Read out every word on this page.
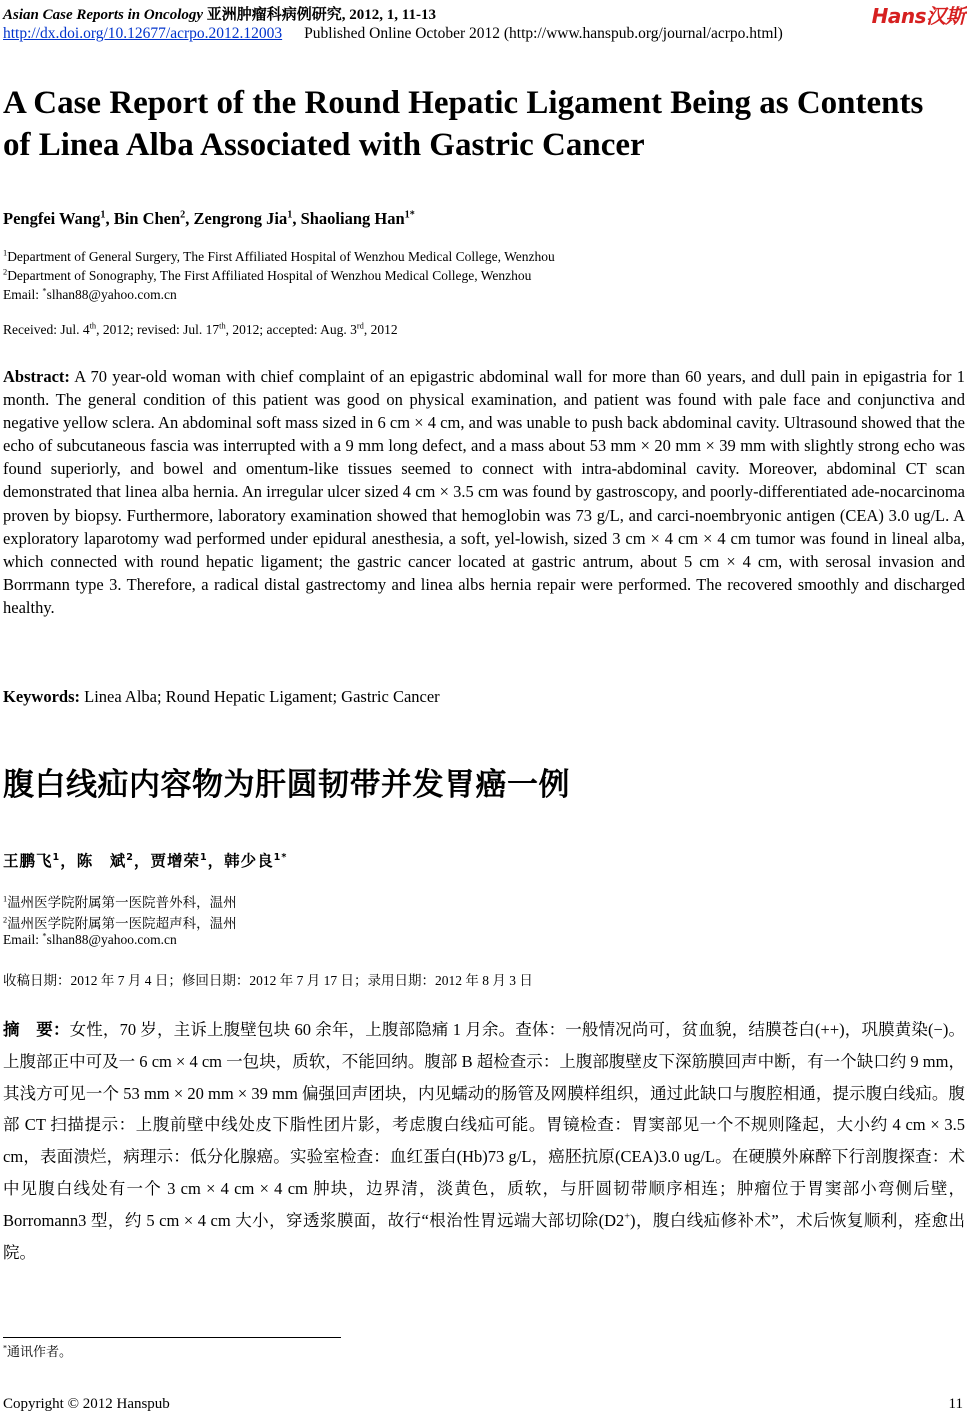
Asian Case Reports in Oncology 亚洲肿瘤科病例研究, 2012, 1, 11-13	Hans汉斯
http://dx.doi.org/10.12677/acrpo.2012.12003 Published Online October 2012 (http://www.hanspub.org/journal/acrpo.html)
A Case Report of the Round Hepatic Ligament Being as Contents of Linea Alba Associated with Gastric Cancer
Pengfei Wang$^1$, Bin Chen$^2$, Zengrong Jia$^1$, Shaoliang Han$^{1*}$
$^1$Department of General Surgery, The First Affiliated Hospital of Wenzhou Medical College, Wenzhou
$^2$Department of Sonography, The First Affiliated Hospital of Wenzhou Medical College, Wenzhou
Email: *slhan88@yahoo.com.cn
Received: Jul. 4th, 2012; revised: Jul. 17th, 2012; accepted: Aug. 3rd, 2012
Abstract: A 70 year-old woman with chief complaint of an epigastric abdominal wall for more than 60 years, and dull pain in epigastria for 1 month. The general condition of this patient was good on physical examination, and patient was found with pale face and conjunctiva and negative yellow sclera. An abdominal soft mass sized in 6 cm × 4 cm, and was unable to push back abdominal cavity. Ultrasound showed that the echo of subcutaneous fascia was interrupted with a 9 mm long defect, and a mass about 53 mm × 20 mm × 39 mm with slightly strong echo was found superiorly, and bowel and omentum-like tissues seemed to connect with intra-abdominal cavity. Moreover, abdominal CT scan demonstrated that linea alba hernia. An irregular ulcer sized 4 cm × 3.5 cm was found by gastroscopy, and poorly-differentiated ade-nocarcinoma proven by biopsy. Furthermore, laboratory examination showed that hemoglobin was 73 g/L, and carci-noembryonic antigen (CEA) 3.0 ug/L. A exploratory laparotomy wad performed under epidural anesthesia, a soft, yel-lowish, sized 3 cm × 4 cm × 4 cm tumor was found in lineal alba, which connected with round hepatic ligament; the gastric cancer located at gastric antrum, about 5 cm × 4 cm, with serosal invasion and Borrmann type 3. Therefore, a radical distal gastrectomy and linea albs hernia repair were performed. The recovered smoothly and discharged healthy.
Keywords: Linea Alba; Round Hepatic Ligament; Gastric Cancer
腹白线疝内容物为肝圆韧带并发胃癌一例
王鹏飞$^1$，陈　斌$^2$，贾增荣$^1$，韩少良$^{1*}$
$^1$温州医学院附属第一医院普外科，温州
$^2$温州医学院附属第一医院超声科，温州
Email: *slhan88@yahoo.com.cn
收稿日期：2012 年 7 月 4 日；修回日期：2012 年 7 月 17 日；录用日期：2012 年 8 月 3 日
摘　要：女性，70 岁，主诉上腹壁包块 60 余年，上腹部隐痛 1 月余。查体：一般情况尚可，贫血貌，结膜苍白(++)，巩膜黄染(−)。上腹部正中可及一 6 cm × 4 cm 一包块，质软，不能回纳。腹部 B 超检查示：上腹部腹壁皮下深筋膜回声中断，有一个缺口约 9 mm，其浅方可见一个 53 mm × 20 mm × 39 mm 偏强回声团块，内见蠕动的肠管及网膜样组织，通过此缺口与腹腔相通，提示腹白线疝。腹部 CT 扫描提示：上腹前壁中线处皮下脂性团片影，考虑腹白线疝可能。胃镜检查：胃窦部见一个不规则隆起，大小约 4 cm × 3.5 cm，表面溃烂，病理示：低分化腺癌。实验室检查：血红蛋白(Hb)73 g/L，癌胚抗原(CEA)3.0 ug/L。在硬膜外麻醉下行剖腹探查：术中见腹白线处有一个 3 cm × 4 cm × 4 cm 肿块，边界清，淡黄色，质软，与肝圆韧带顺序相连；肿瘤位于胃窦部小弯侧后壁，Borromann3 型，约 5 cm × 4 cm 大小，穿透浆膜面，故行“根治性胃远端大部切除(D2+)，腹白线疝修补术”，术后恢复顺利，痊愈出院。
*通讯作者。
Copyright © 2012 Hanspub	11
